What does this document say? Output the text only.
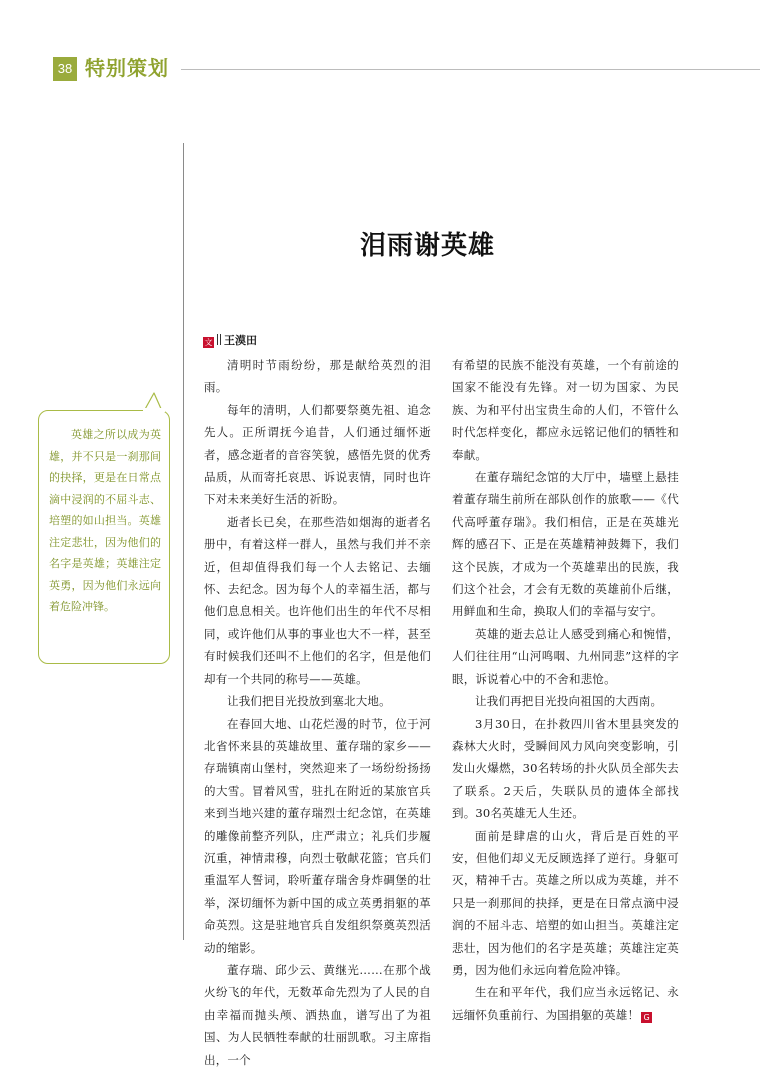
38 特别策划
泪雨谢英雄
文 王漠田

英雄之所以成为英雄，并不只是一刹那间的抉择，更是在日常点滴中浸润的不屈斗志、培塑的如山担当。英雄注定悲壮，因为他们的名字是英雄；英雄注定英勇，因为他们永远向着危险冲锋。

清明时节雨纷纷，那是献给英烈的泪雨。

每年的清明，人们都要祭奠先祖、追念先人。正所谓抚今追昔，人们通过缅怀逝者，感念逝者的音容笑貌，感悟先贤的优秀品质，从而寄托哀思、诉说衷情，同时也许下对未来美好生活的祈盼。

逝者长已矣，在那些浩如烟海的逝者名册中，有着这样一群人，虽然与我们并不亲近，但却值得我们每一个人去铭记、去缅怀、去纪念。因为每个人的幸福生活，都与他们息息相关。也许他们出生的年代不尽相同，或许他们从事的事业也大不一样，甚至有时候我们还叫不上他们的名字，但是他们却有一个共同的称号——英雄。

让我们把目光投放到塞北大地。

在春回大地、山花烂漫的时节，位于河北省怀来县的英雄故里、董存瑞的家乡——存瑞镇南山堡村，突然迎来了一场纷纷扬扬的大雪。冒着风雪，驻扎在附近的某旅官兵来到当地兴建的董存瑞烈士纪念馆，在英雄的雕像前整齐列队，庄严肃立；礼兵们步履沉重，神情肃穆，向烈士敬献花篮；官兵们重温军人誓词，聆听董存瑞舍身炸碉堡的壮举，深切缅怀为新中国的成立英勇捐躯的革命英烈。这是驻地官兵自发组织祭奠英烈活动的缩影。

董存瑞、邱少云、黄继光……在那个战火纷飞的年代，无数革命先烈为了人民的自由幸福而抛头颅、洒热血，谱写出了为祖国、为人民牺牲奉献的壮丽凯歌。习主席指出，一个

有希望的民族不能没有英雄，一个有前途的国家不能没有先锋。对一切为国家、为民族、为和平付出宝贵生命的人们，不管什么时代怎样变化，都应永远铭记他们的牺牲和奉献。

在董存瑞纪念馆的大厅中，墙壁上悬挂着董存瑞生前所在部队创作的旅歌——《代代高呼董存瑞》。我们相信，正是在英雄光辉的感召下、正是在英雄精神鼓舞下，我们这个民族，才成为一个英雄辈出的民族，我们这个社会，才会有无数的英雄前仆后继，用鲜血和生命，换取人们的幸福与安宁。

英雄的逝去总让人感受到痛心和惋惜，人们往往用“山河鸣咽、九州同悲”这样的字眼，诉说着心中的不舍和悲怆。

让我们再把目光投向祖国的大西南。

3月30日，在扑救四川省木里县突发的森林大火时，受瞬间风力风向突变影响，引发山火爆燃，30名转场的扑火队员全部失去了联系。2天后，失联队员的遗体全部找到。30名英雄无人生还。

面前是肆虐的山火，背后是百姓的平安，但他们却义无反顾选择了逆行。身躯可灭，精神千古。英雄之所以成为英雄，并不只是一刹那间的抉择，更是在日常点滴中浸润的不屈斗志、培塑的如山担当。英雄注定悲壮，因为他们的名字是英雄；英雄注定英勇，因为他们永远向着危险冲锋。

生在和平年代，我们应当永远铭记、永远缅怀负重前行、为国捐躯的英雄！ G
